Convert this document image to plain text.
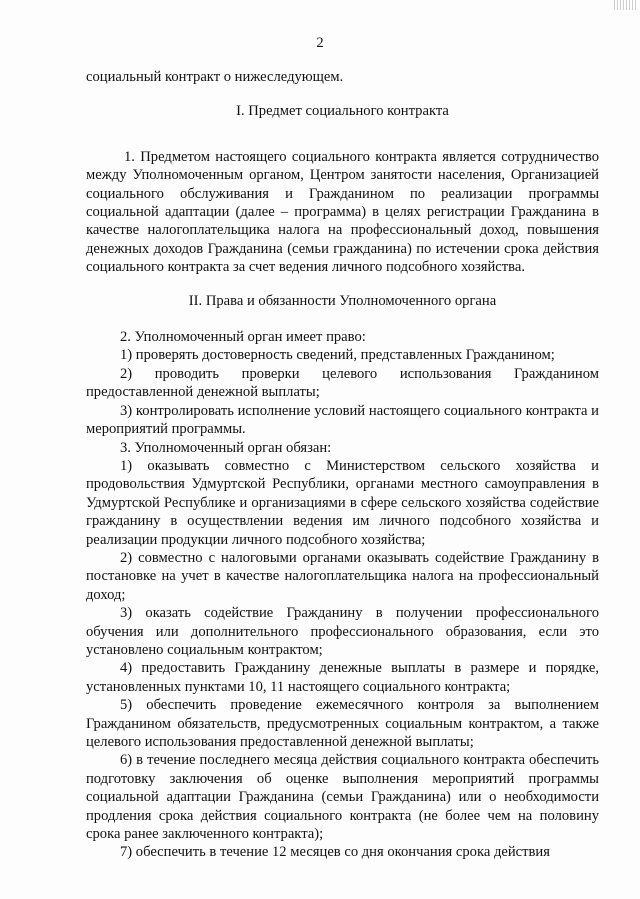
2

социальный контракт о нижеследующем.

I. Предмет социального контракта

1. Предметом настоящего социального контракта является сотрудничество между Уполномоченным органом, Центром занятости населения, Организацией социального обслуживания и Гражданином по реализации программы социальной адаптации (далее – программа) в целях регистрации Гражданина в качестве налогоплательщика налога на профессиональный доход, повышения денежных доходов Гражданина (семьи гражданина) по истечении срока действия социального контракта за счет ведения личного подсобного хозяйства.

II. Права и обязанности Уполномоченного органа

2. Уполномоченный орган имеет право:

1) проверять достоверность сведений, представленных Гражданином;

2) проводить проверки целевого использования Гражданином предоставленной денежной выплаты;

3) контролировать исполнение условий настоящего социального контракта и мероприятий программы.

3. Уполномоченный орган обязан:

1) оказывать совместно с Министерством сельского хозяйства и продовольствия Удмуртской Республики, органами местного самоуправления в Удмуртской Республике и организациями в сфере сельского хозяйства содействие гражданину в осуществлении ведения им личного подсобного хозяйства и реализации продукции личного подсобного хозяйства;

2) совместно с налоговыми органами оказывать содействие Гражданину в постановке на учет в качестве налогоплательщика налога на профессиональный доход;

3) оказать содействие Гражданину в получении профессионального обучения или дополнительного профессионального образования, если это установлено социальным контрактом;

4) предоставить Гражданину денежные выплаты в размере и порядке, установленных пунктами 10, 11 настоящего социального контракта;

5) обеспечить проведение ежемесячного контроля за выполнением Гражданином обязательств, предусмотренных социальным контрактом, а также целевого использования предоставленной денежной выплаты;

6) в течение последнего месяца действия социального контракта обеспечить подготовку заключения об оценке выполнения мероприятий программы социальной адаптации Гражданина (семьи Гражданина) или о необходимости продления срока действия социального контракта (не более чем на половину срока ранее заключенного контракта);

7) обеспечить в течение 12 месяцев со дня окончания срока действия
